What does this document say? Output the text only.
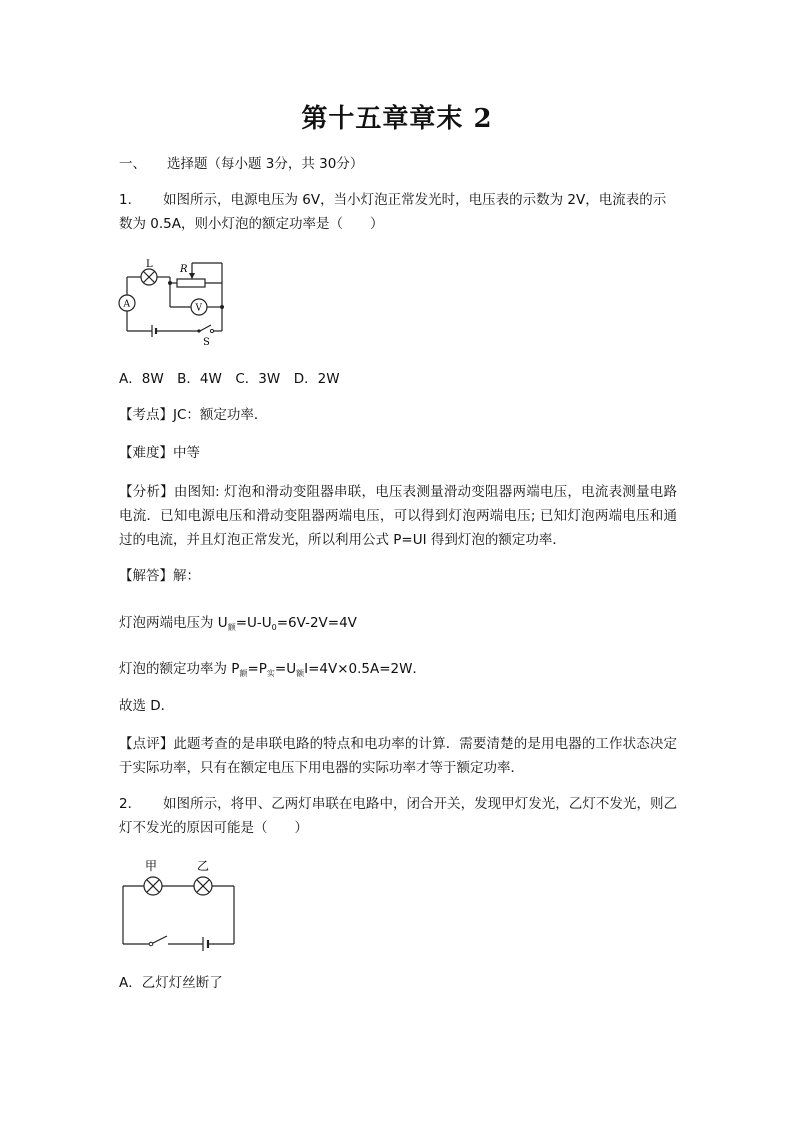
第十五章章末 2
一、 选择题（每小题 3分，共 30分）
1． 如图所示，电源电压为 6V，当小灯泡正常发光时，电压表的示数为 2V，电流表的示
数为 0.5A，则小灯泡的额定功率是（　　）
L	R
A	V
S
A．8W　B．4W　C．3W　D．2W
【考点】JC：额定功率．
【难度】中等
【分析】由图知: 灯泡和滑动变阻器串联，电压表测量滑动变阻器两端电压，电流表测量电路电流．已知电源电压和滑动变阻器两端电压，可以得到灯泡两端电压; 已知灯泡两端电压和通过的电流，并且灯泡正常发光，所以利用公式 P=UI 得到灯泡的额定功率．
【解答】解：
灯泡两端电压为 $U_额=U-U_0=6V-2V=4V$
灯泡的额定功率为 $P_额=P_实=U_额I=4V\times 0.5A=2W$．
故选 D．
【点评】此题考查的是串联电路的特点和电功率的计算．需要清楚的是用电器的工作状态决定于实际功率，只有在额定电压下用电器的实际功率才等于额定功率．
2． 如图所示，将甲、乙两灯串联在电路中，闭合开关，发现甲灯发光，乙灯不发光，则乙灯不发光的原因可能是（　　）
甲	乙
A．乙灯灯丝断了
